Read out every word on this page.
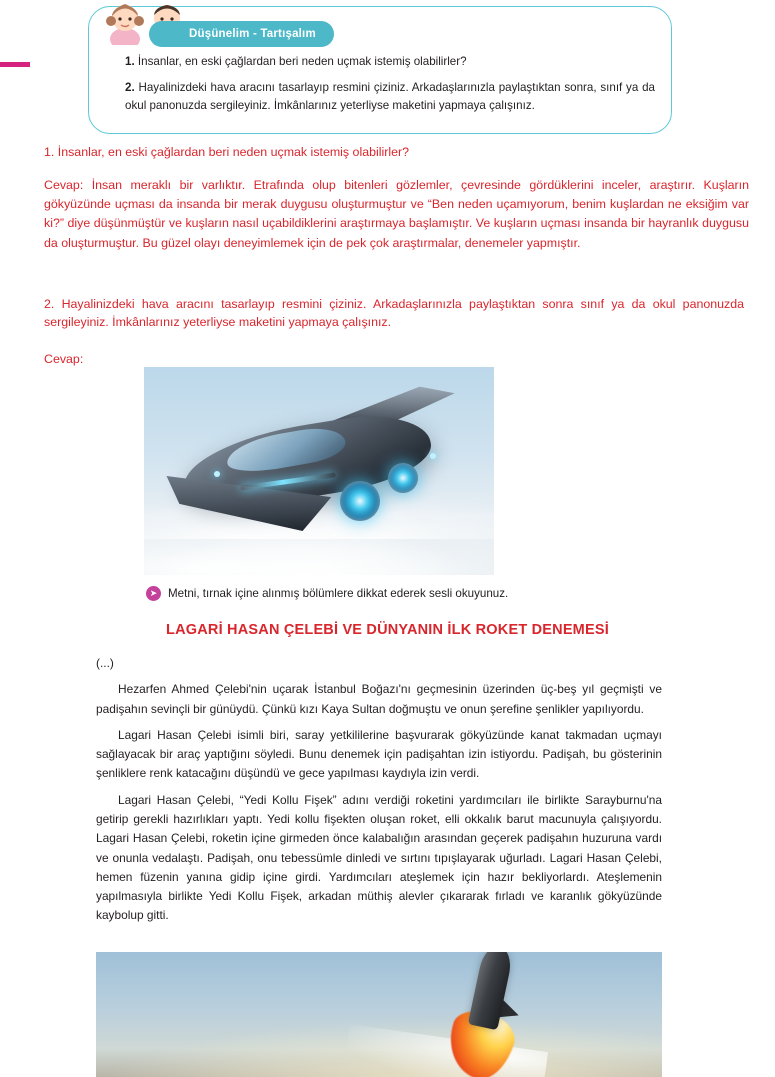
Düşünelim - Tartışalım

1. İnsanlar, en eski çağlardan beri neden uçmak istemiş olabilirler?

2. Hayalinizdeki hava aracını tasarlayıp resmini çiziniz. Arkadaşlarınızla paylaştıktan sonra, sınıf ya da okul panonuzda sergileyiniz. İmkânlarınız yeterliyse maketini yapmaya çalışınız.

1. İnsanlar, en eski çağlardan beri neden uçmak istemiş olabilirler?
Cevap: İnsan meraklı bir varlıktır. Etrafında olup bitenleri gözlemler, çevresinde gördüklerini inceler, araştırır. Kuşların gökyüzünde uçması da insanda bir merak duygusu oluşturmuştur ve “Ben neden uçamıyorum, benim kuşlardan ne eksiğim var ki?” diye düşünmüştür ve kuşların nasıl uçabildiklerini araştırmaya başlamıştır. Ve kuşların uçması insanda bir hayranlık duygusu da oluşturmuştur. Bu güzel olayı deneyimlemek için de pek çok araştırmalar, denemeler yapmıştır.
2. Hayalinizdeki hava aracını tasarlayıp resmini çiziniz. Arkadaşlarınızla paylaştıktan sonra sınıf ya da okul panonuzda sergileyiniz. İmkânlarınız yeterliyse maketini yapmaya çalışınız.
Cevap:
➤ Metni, tırnak içine alınmış bölümlere dikkat ederek sesli okuyunuz.
LAGARİ HASAN ÇELEBİ VE DÜNYANIN İLK ROKET DENEMESİ

(...)

Hezarfen Ahmed Çelebi'nin uçarak İstanbul Boğazı'nı geçmesinin üzerinden üç-beş yıl geçmişti ve padişahın sevinçli bir günüydü. Çünkü kızı Kaya Sultan doğmuştu ve onun şerefine şenlikler yapılıyordu.

Lagari Hasan Çelebi isimli biri, saray yetkililerine başvurarak gökyüzünde kanat takmadan uçmayı sağlayacak bir araç yaptığını söyledi. Bunu denemek için padişahtan izin istiyordu. Padişah, bu gösterinin şenliklere renk katacağını düşündü ve gece yapılması kaydıyla izin verdi.

Lagari Hasan Çelebi, “Yedi Kollu Fişek” adını verdiği roketini yardımcıları ile birlikte Sarayburnu'na getirip gerekli hazırlıkları yaptı. Yedi kollu fişekten oluşan roket, elli okkalık barut macunuyla çalışıyordu. Lagari Hasan Çelebi, roketin içine girmeden önce kalabalığın arasından geçerek padişahın huzuruna vardı ve onunla vedalaştı. Padişah, onu tebessümle dinledi ve sırtını tıpışlayarak uğurladı. Lagari Hasan Çelebi, hemen füzenin yanına gidip içine girdi. Yardımcıları ateşlemek için hazır bekliyorlardı. Ateşlemenin yapılmasıyla birlikte Yedi Kollu Fişek, arkadan müthiş alevler çıkararak fırladı ve karanlık gökyüzünde kaybolup gitti.
